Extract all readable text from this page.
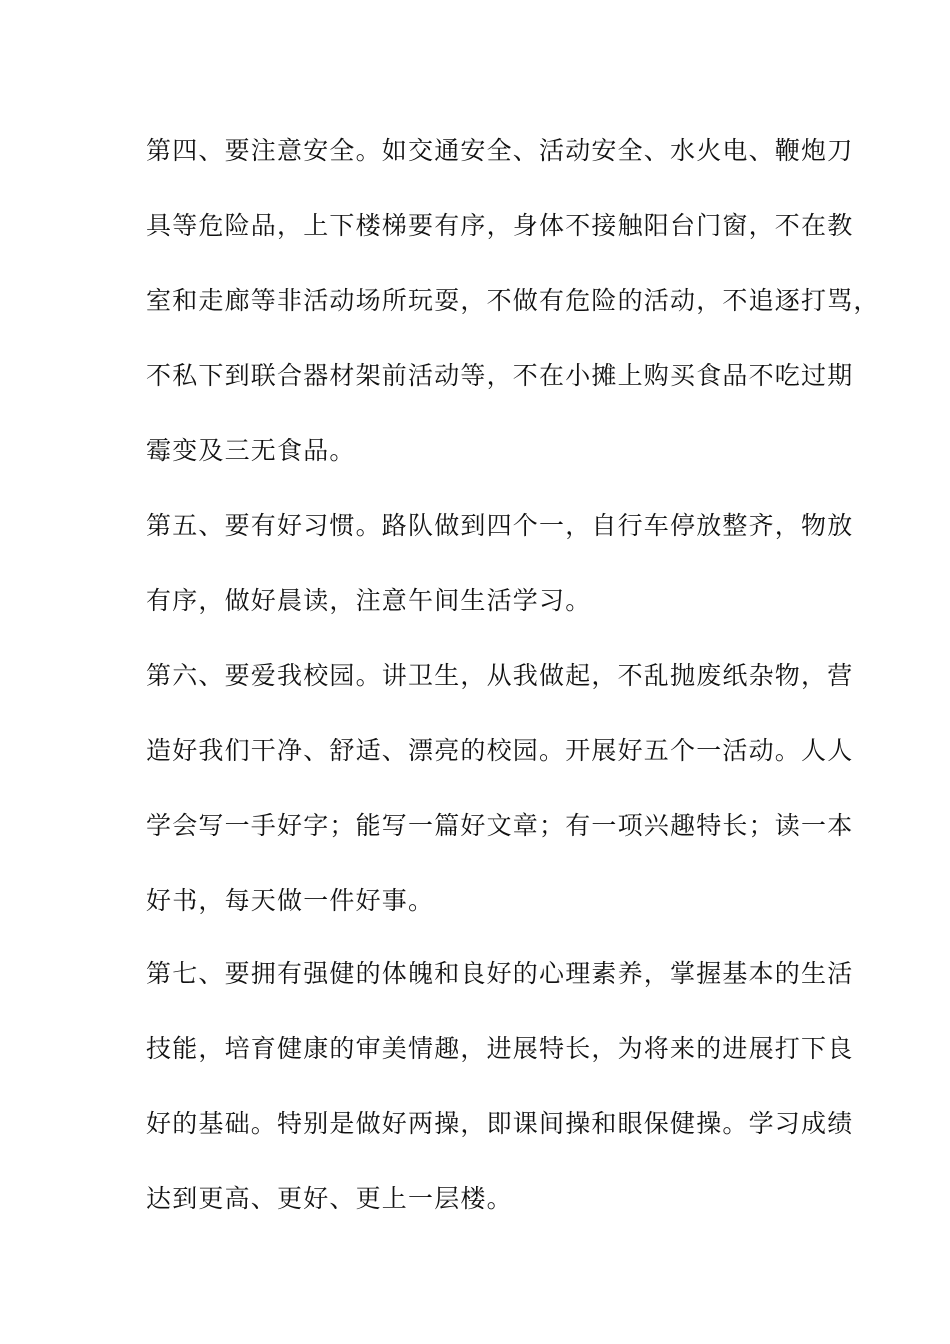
第四、要注意安全。如交通安全、活动安全、水火电、鞭炮刀
具等危险品，上下楼梯要有序，身体不接触阳台门窗，不在教
室和走廊等非活动场所玩耍，不做有危险的活动，不追逐打骂，
不私下到联合器材架前活动等，不在小摊上购买食品不吃过期
霉变及三无食品。
第五、要有好习惯。路队做到四个一，自行车停放整齐，物放
有序，做好晨读，注意午间生活学习。
第六、要爱我校园。讲卫生，从我做起，不乱抛废纸杂物，营
造好我们干净、舒适、漂亮的校园。开展好五个一活动。人人
学会写一手好字；能写一篇好文章；有一项兴趣特长；读一本
好书，每天做一件好事。
第七、要拥有强健的体魄和良好的心理素养，掌握基本的生活
技能，培育健康的审美情趣，进展特长，为将来的进展打下良
好的基础。特别是做好两操，即课间操和眼保健操。学习成绩
达到更高、更好、更上一层楼。
